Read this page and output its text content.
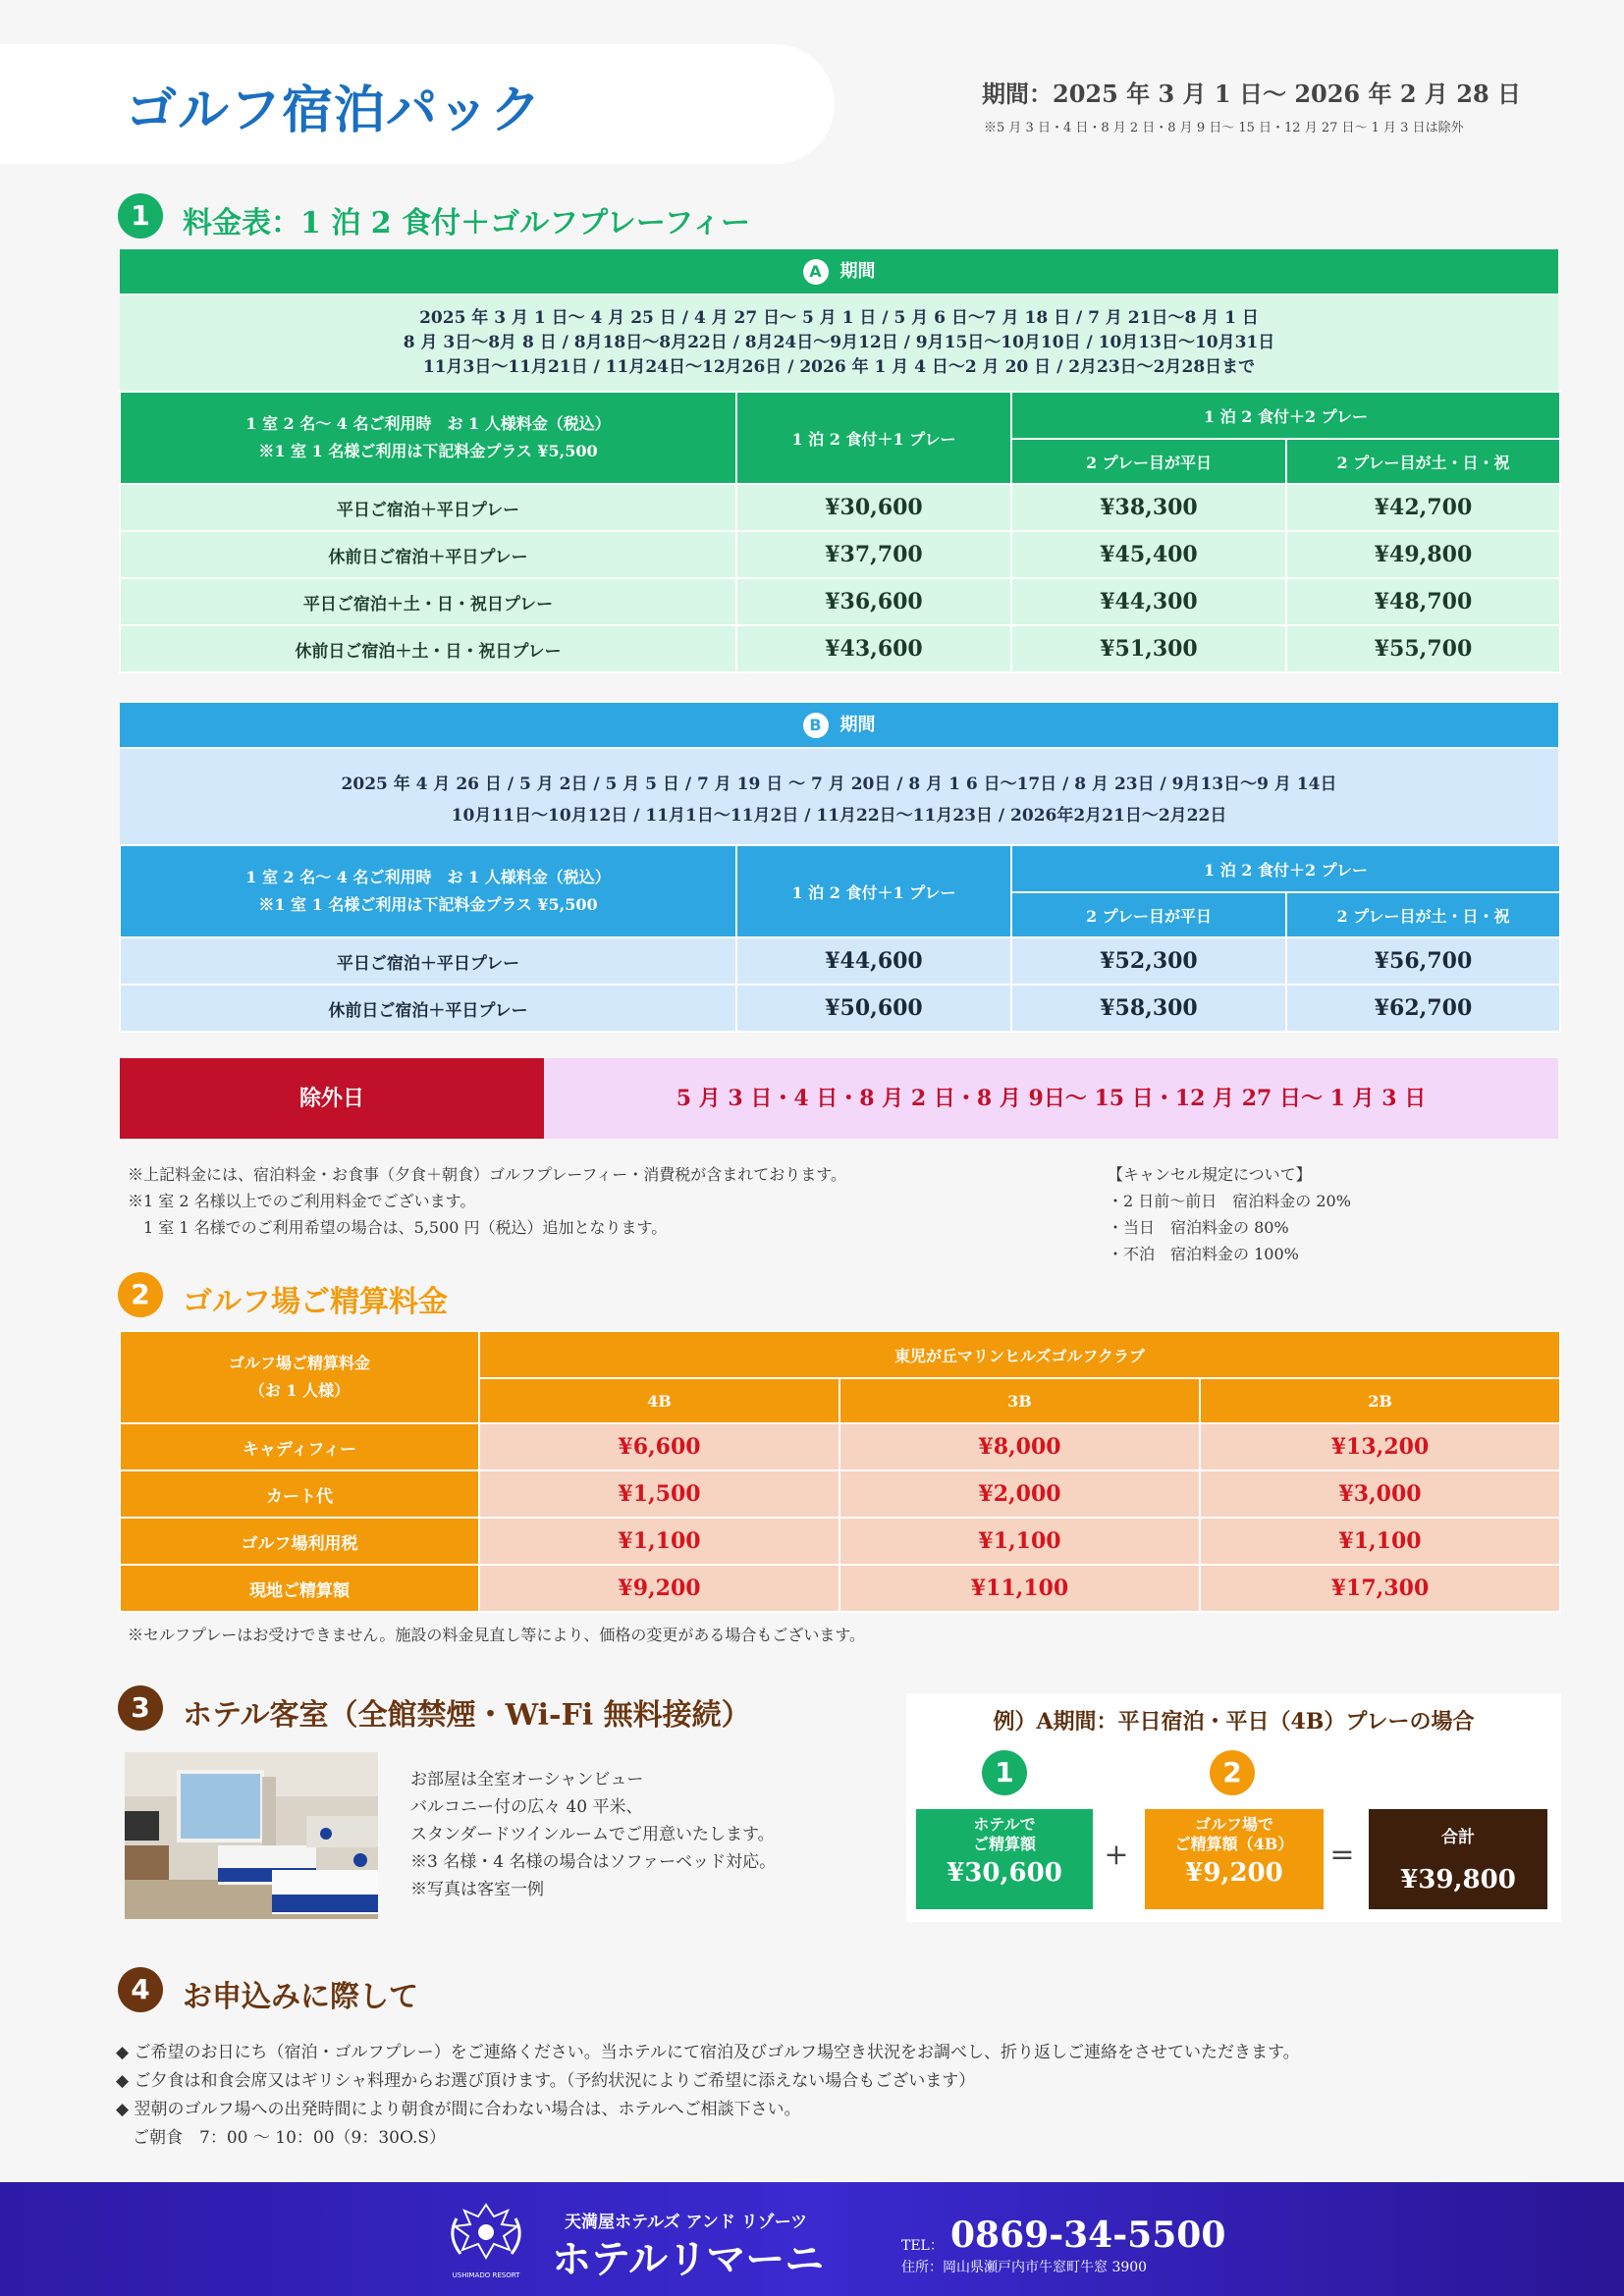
ゴルフ宿泊パック	期間：2025 年 3 月 1 日～ 2026 年 2 月 28 日
※5 月 3 日・4 日・8 月 2 日・8 月 9 日～ 15 日・12 月 27 日～ 1 月 3 日は除外
1	料金表：1 泊 2 食付＋ゴルフプレーフィー
A 期間
2025 年 3 月 1 日～ 4 月 25 日 / 4 月 27 日～ 5 月 1 日 / 5 月 6 日～7 月 18 日 / 7 月 21日～8 月 1 日
8 月 3日～8月 8 日 / 8月18日～8月22日 / 8月24日～9月12日 / 9月15日～10月10日 / 10月13日～10月31日
11月3日～11月21日 / 11月24日～12月26日 / 2026 年 1 月 4 日～2 月 20 日 / 2月23日～2月28日まで
1 室 2 名～ 4 名ご利用時　お 1 人様料金（税込）
※1 室 1 名様ご利用は下記料金プラス ¥5,500	1 泊 2 食付＋1 プレー	1 泊 2 食付＋2 プレー	
		2 プレー目が平日	2 プレー目が土・日・祝
平日ご宿泊＋平日プレー	¥30,600	¥38,300	¥42,700
休前日ご宿泊＋平日プレー	¥37,700	¥45,400	¥49,800
平日ご宿泊＋土・日・祝日プレー	¥36,600	¥44,300	¥48,700
休前日ご宿泊＋土・日・祝日プレー	¥43,600	¥51,300	¥55,700
B 期間
2025 年 4 月 26 日 / 5 月 2日 / 5 月 5 日 / 7 月 19 日 ～ 7 月 20日 / 8 月 1 6 日～17日 / 8 月 23日 / 9月13日～9 月 14日
10月11日～10月12日 / 11月1日～11月2日 / 11月22日～11月23日 / 2026年2月21日～2月22日
1 室 2 名～ 4 名ご利用時　お 1 人様料金（税込）
※1 室 1 名様ご利用は下記料金プラス ¥5,500	1 泊 2 食付＋1 プレー	1 泊 2 食付＋2 プレー	
		2 プレー目が平日	2 プレー目が土・日・祝
平日ご宿泊＋平日プレー	¥44,600	¥52,300	¥56,700
休前日ご宿泊＋平日プレー	¥50,600	¥58,300	¥62,700
除外日	5 月 3 日・4 日・8 月 2 日・8 月 9日～ 15 日・12 月 27 日～ 1 月 3 日
※上記料金には、宿泊料金・お食事（夕食＋朝食）ゴルフプレーフィー・消費税が含まれております。
※1 室 2 名様以上でのご利用料金でございます。
　1 室 1 名様でのご利用希望の場合は、5,500 円（税込）追加となります。
【キャンセル規定について】
・2 日前～前日　宿泊料金の 20%
・当日　宿泊料金の 80%
・不泊　宿泊料金の 100%
2	ゴルフ場ご精算料金
ゴルフ場ご精算料金
（お 1 人様）	東児が丘マリンヒルズゴルフクラブ		
	4B	3B	2B
キャディフィー	¥6,600	¥8,000	¥13,200
カート代	¥1,500	¥2,000	¥3,000
ゴルフ場利用税	¥1,100	¥1,100	¥1,100
現地ご精算額	¥9,200	¥11,100	¥17,300
※セルフプレーはお受けできません。施設の料金見直し等により、価格の変更がある場合もございます。
3	ホテル客室（全館禁煙・Wi-Fi 無料接続）
お部屋は全室オーシャンビュー
バルコニー付の広々 40 平米、
スタンダードツインルームでご用意いたします。
※3 名様・4 名様の場合はソファーベッド対応。
※写真は客室一例
例）A期間：平日宿泊・平日（4B）プレーの場合
1	2
ホテルで
ご精算額
¥30,600
+
ゴルフ場で
ご精算額（4B）
¥9,200
=	合計
¥39,800
4	お申込みに際して
◆ ご希望のお日にち（宿泊・ゴルフプレー）をご連絡ください。当ホテルにて宿泊及びゴルフ場空き状況をお調べし、折り返しご連絡をさせていただきます。
◆ ご夕食は和食会席又はギリシャ料理からお選び頂けます。（予約状況によりご希望に添えない場合もございます）
◆ 翌朝のゴルフ場への出発時間により朝食が間に合わない場合は、ホテルへご相談下さい。
　ご朝食　7：00 ～ 10：00（9：30O.S）
USHIMADO RESORT
天満屋ホテルズ アンド リゾーツ
ホテルリマーニ	TEL： 0869-34-5500
住所：岡山県瀬戸内市牛窓町牛窓 3900
